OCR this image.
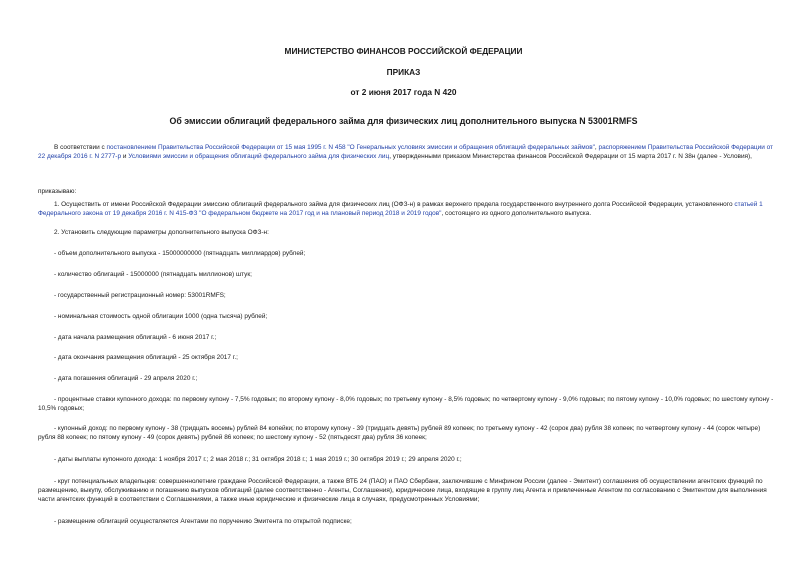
МИНИСТЕРСТВО ФИНАНСОВ РОССИЙСКОЙ ФЕДЕРАЦИИ
ПРИКАЗ
от 2 июня 2017 года N 420
Об эмиссии облигаций федерального займа для физических лиц дополнительного выпуска N 53001RMFS

В соответствии с постановлением Правительства Российской Федерации от 15 мая 1995 г. N 458 "О Генеральных условиях эмиссии и обращения облигаций федеральных займов", распоряжением Правительства Российской Федерации от 22 декабря 2016 г. N 2777-р и Условиями эмиссии и обращения облигаций федерального займа для физических лиц, утвержденными приказом Министерства финансов Российской Федерации от 15 марта 2017 г. N 38н (далее - Условия),

приказываю:

1. Осуществить от имени Российской Федерации эмиссию облигаций федерального займа для физических лиц (ОФЗ-н) в рамках верхнего предела государственного внутреннего долга Российской Федерации, установленного статьей 1 Федерального закона от 19 декабря 2016 г. N 415-ФЗ "О федеральном бюджете на 2017 год и на плановый период 2018 и 2019 годов", состоящего из одного дополнительного выпуска.

2. Установить следующие параметры дополнительного выпуска ОФЗ-н:

- объем дополнительного выпуска - 15000000000 (пятнадцать миллиардов) рублей;

- количество облигаций - 15000000 (пятнадцать миллионов) штук;

- государственный регистрационный номер: 53001RMFS;

- номинальная стоимость одной облигации 1000 (одна тысяча) рублей;

- дата начала размещения облигаций - 6 июня 2017 г.;

- дата окончания размещения облигаций - 25 октября 2017 г.;

- дата погашения облигаций - 29 апреля 2020 г.;

- процентные ставки купонного дохода: по первому купону - 7,5% годовых; по второму купону - 8,0% годовых; по третьему купону - 8,5% годовых; по четвертому купону - 9,0% годовых; по пятому купону - 10,0% годовых; по шестому купону - 10,5% годовых;

- купонный доход: по первому купону - 38 (тридцать восемь) рублей 84 копейки; по второму купону - 39 (тридцать девять) рублей 89 копеек; по третьему купону - 42 (сорок два) рубля 38 копеек; по четвертому купону - 44 (сорок четыре) рубля 88 копеек; по пятому купону - 49 (сорок девять) рублей 86 копеек; по шестому купону - 52 (пятьдесят два) рубля 36 копеек;

- даты выплаты купонного дохода: 1 ноября 2017 г.; 2 мая 2018 г.; 31 октября 2018 г.; 1 мая 2019 г.; 30 октября 2019 г.; 29 апреля 2020 г.;

- круг потенциальных владельцев: совершеннолетние граждане Российской Федерации, а также ВТБ 24 (ПАО) и ПАО Сбербанк, заключившие с Минфином России (далее - Эмитент) соглашения об осуществлении агентских функций по размещению, выкупу, обслуживанию и погашению выпусков облигаций (далее соответственно - Агенты, Соглашения), юридические лица, входящие в группу лиц Агента и привлеченные Агентом по согласованию с Эмитентом для выполнения части агентских функций в соответствии с Соглашениями, а также иные юридические и физические лица в случаях, предусмотренных Условиями;

- размещение облигаций осуществляется Агентами по поручению Эмитента по открытой подписке;
